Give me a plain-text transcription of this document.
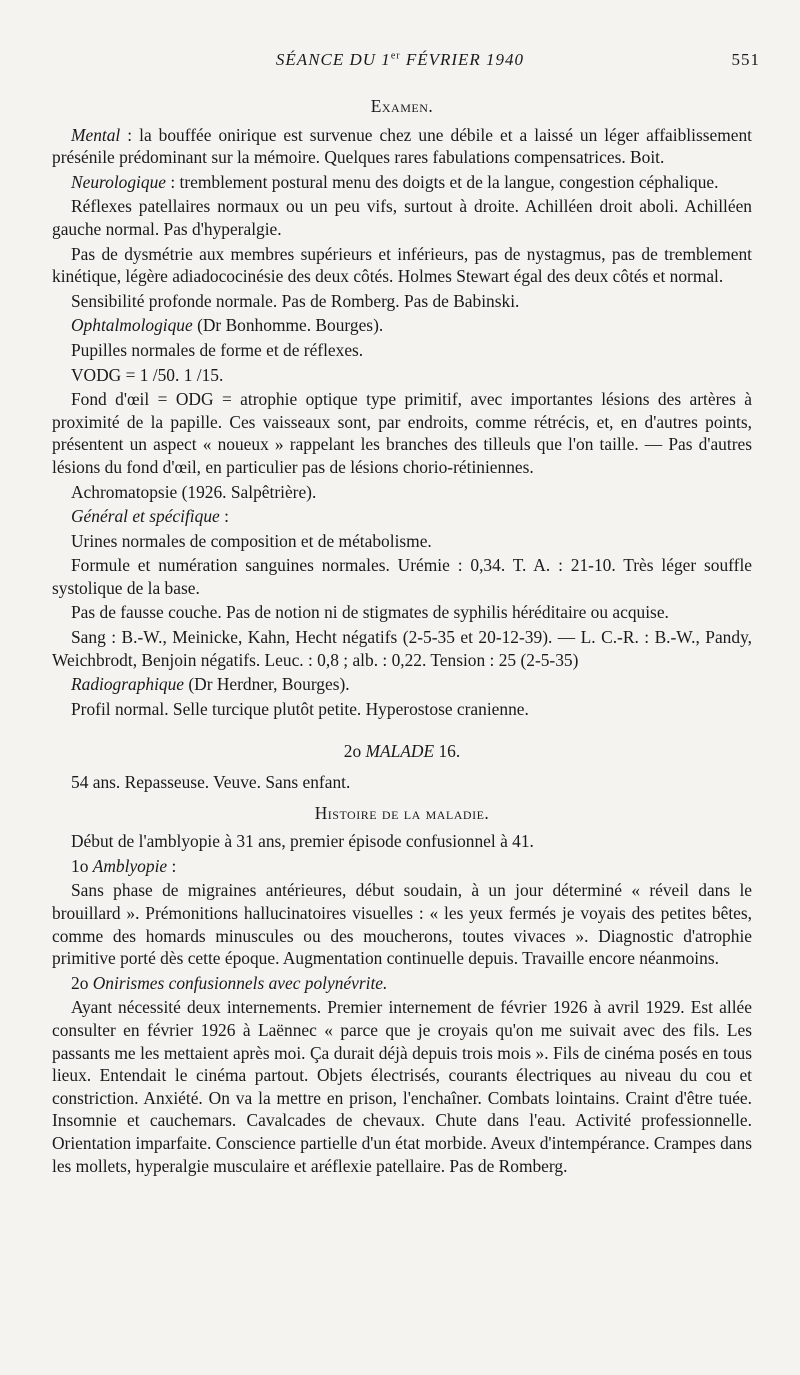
SÉANCE DU 1er FÉVRIER 1940	551

Examen.

Mental : la bouffée onirique est survenue chez une débile et a laissé un léger affaiblissement présénile prédominant sur la mémoire. Quelques rares fabulations compensatrices. Boit.

Neurologique : tremblement postural menu des doigts et de la langue, congestion céphalique.

Réflexes patellaires normaux ou un peu vifs, surtout à droite. Achilléen droit aboli. Achilléen gauche normal. Pas d'hyperalgie.

Pas de dysmétrie aux membres supérieurs et inférieurs, pas de nystagmus, pas de tremblement kinétique, légère adiadococinésie des deux côtés. Holmes Stewart égal des deux côtés et normal.

Sensibilité profonde normale. Pas de Romberg. Pas de Babinski.

Ophtalmologique (Dr Bonhomme. Bourges).

Pupilles normales de forme et de réflexes.

VODG = 1 /50. 1 /15.

Fond d'œil = ODG = atrophie optique type primitif, avec importantes lésions des artères à proximité de la papille. Ces vaisseaux sont, par endroits, comme rétrécis, et, en d'autres points, présentent un aspect « noueux » rappelant les branches des tilleuls que l'on taille. — Pas d'autres lésions du fond d'œil, en particulier pas de lésions chorio-rétiniennes.

Achromatopsie (1926. Salpêtrière).

Général et spécifique :

Urines normales de composition et de métabolisme.

Formule et numération sanguines normales. Urémie : 0,34. T. A. : 21-10. Très léger souffle systolique de la base.

Pas de fausse couche. Pas de notion ni de stigmates de syphilis héréditaire ou acquise.

Sang : B.-W., Meinicke, Kahn, Hecht négatifs (2-5-35 et 20-12-39). — L. C.-R. : B.-W., Pandy, Weichbrodt, Benjoin négatifs. Leuc. : 0,8 ; alb. : 0,22. Tension : 25 (2-5-35)

Radiographique (Dr Herdner, Bourges).

Profil normal. Selle turcique plutôt petite. Hyperostose cranienne.

2o MALADE 16.

54 ans. Repasseuse. Veuve. Sans enfant.

Histoire de la maladie.

Début de l'amblyopie à 31 ans, premier épisode confusionnel à 41.

1o Amblyopie :

Sans phase de migraines antérieures, début soudain, à un jour déterminé « réveil dans le brouillard ». Prémonitions hallucinatoires visuelles : « les yeux fermés je voyais des petites bêtes, comme des homards minuscules ou des moucherons, toutes vivaces ». Diagnostic d'atrophie primitive porté dès cette époque. Augmentation continuelle depuis. Travaille encore néanmoins.

2o Onirismes confusionnels avec polynévrite.

Ayant nécessité deux internements. Premier internement de février 1926 à avril 1929. Est allée consulter en février 1926 à Laënnec « parce que je croyais qu'on me suivait avec des fils. Les passants me les mettaient après moi. Ça durait déjà depuis trois mois ». Fils de cinéma posés en tous lieux. Entendait le cinéma partout. Objets électrisés, courants électriques au niveau du cou et constriction. Anxiété. On va la mettre en prison, l'enchaîner. Combats lointains. Craint d'être tuée. Insomnie et cauchemars. Cavalcades de chevaux. Chute dans l'eau. Activité professionnelle. Orientation imparfaite. Conscience partielle d'un état morbide. Aveux d'intempérance. Crampes dans les mollets, hyperalgie musculaire et aréflexie patellaire. Pas de Romberg.
